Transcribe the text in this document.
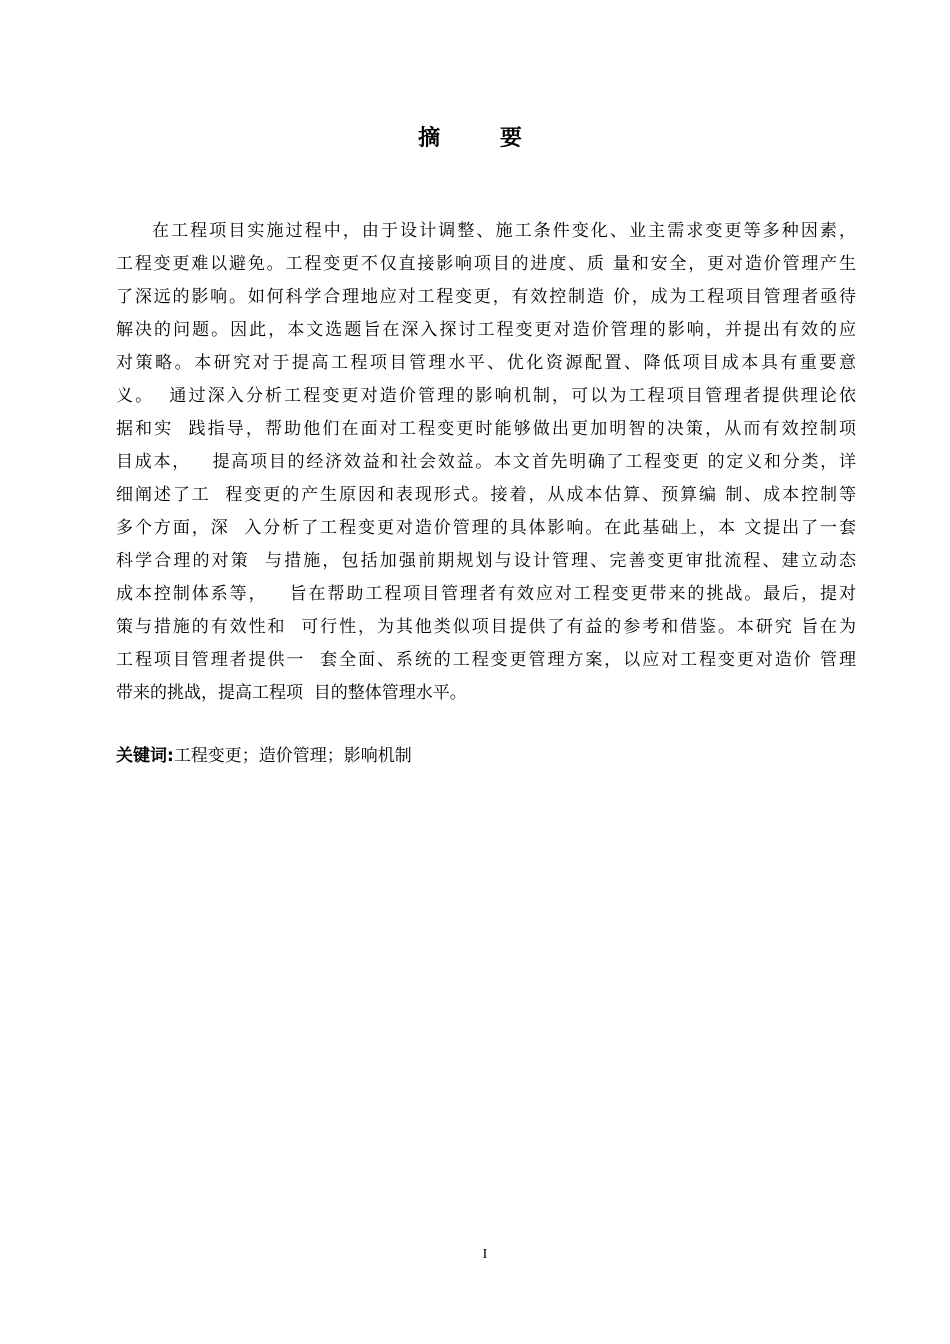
摘 要
在工程项目实施过程中，由于设计调整、施工条件变化、业主需求变更等多种因素，
工程变更难以避免。工程变更不仅直接影响项目的进度、质 量和安全，更对造价管理产生
了深远的影响。如何科学合理地应对工程变更，有效控制造 价，成为工程项目管理者亟待
解决的问题。因此，本文选题旨在深入探讨工程变更对造价管理的影响，并提出有效的应
对策略。本研究对于提高工程项目管理水平、优化资源配置、降低项目成本具有重要意
义。  通过深入分析工程变更对造价管理的影响机制，可以为工程项目管理者提供理论依
据和实  践指导，帮助他们在面对工程变更时能够做出更加明智的决策，从而有效控制项
目成本，   提高项目的经济效益和社会效益。本文首先明确了工程变更 的定义和分类，详
细阐述了工  程变更的产生原因和表现形式。接着，从成本估算、预算编 制、成本控制等
多个方面，深  入分析了工程变更对造价管理的具体影响。在此基础上，本 文提出了一套
科学合理的对策  与措施，包括加强前期规划与设计管理、完善变更审批流程、建立动态
成本控制体系等，   旨在帮助工程项目管理者有效应对工程变更带来的挑战。最后，提对
策与措施的有效性和  可行性，为其他类似项目提供了有益的参考和借鉴。本研究 旨在为
工程项目管理者提供一  套全面、系统的工程变更管理方案，以应对工程变更对造价 管理
带来的挑战，提高工程项  目的整体管理水平。
关键词:工程变更；造价管理；影响机制
I
